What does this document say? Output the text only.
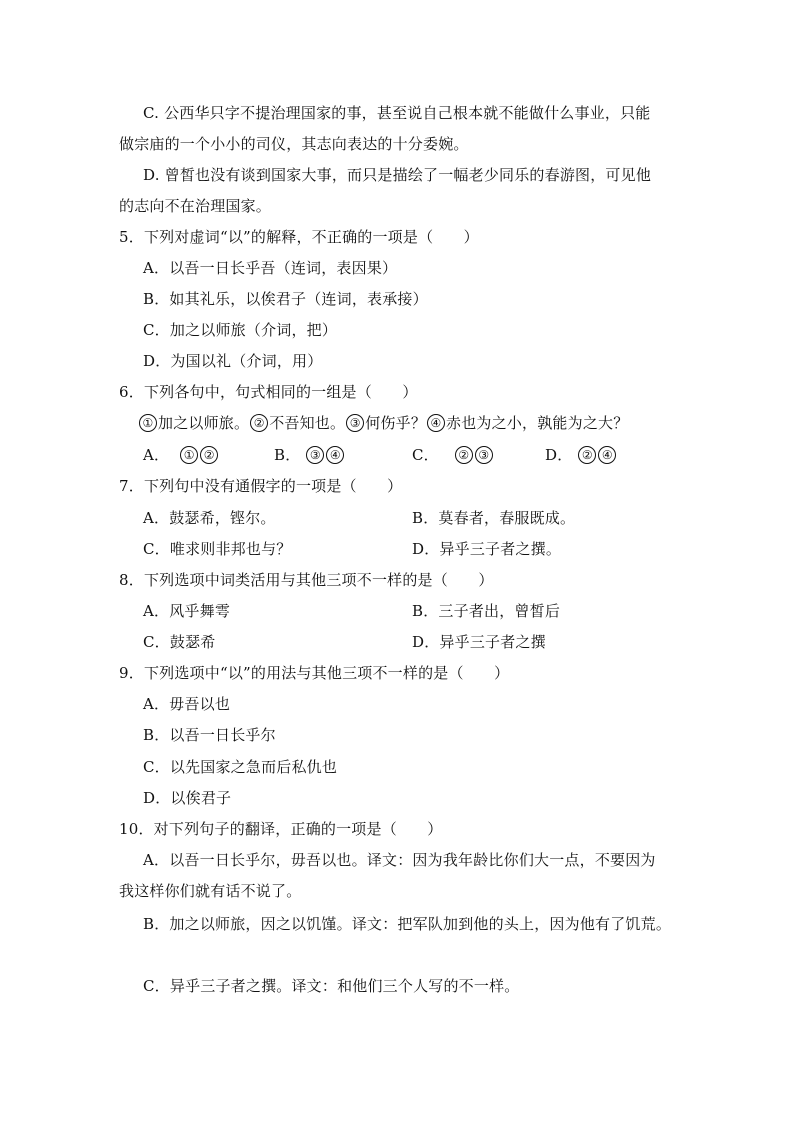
C. 公西华只字不提治理国家的事，甚至说自己根本就不能做什么事业，只能
做宗庙的一个小小的司仪，其志向表达的十分委婉。
D. 曾皙也没有谈到国家大事，而只是描绘了一幅老少同乐的春游图，可见他
的志向不在治理国家。
5．下列对虚词“以”的解释，不正确的一项是（　　）
A．以吾一日长乎吾（连词，表因果）
B．如其礼乐，以俟君子（连词，表承接）
C．加之以师旅（介词，把）
D．为国以礼（介词，用）
6．下列各句中，句式相同的一组是（　　）
① 加之以师旅。 ② 不吾知也。 ③ 何伤乎？ ④ 赤也为之小，孰能为之大？
A． ① ②	B． ③ ④	C． ② ③	D． ② ④
7．下列句中没有通假字的一项是（　　）
A．鼓瑟希，铿尔。	B．莫春者，春服既成。
C．唯求则非邦也与？	D．异乎三子者之撰。
8．下列选项中词类活用与其他三项不一样的是（　　）
A．风乎舞雩	B．三子者出，曾皙后
C．鼓瑟希	D．异乎三子者之撰
9．下列选项中“以”的用法与其他三项不一样的是（　　）
A．毋吾以也
B．以吾一日长乎尔
C．以先国家之急而后私仇也
D．以俟君子
10．对下列句子的翻译，正确的一项是（　　）
A．以吾一日长乎尔，毋吾以也。译文：因为我年龄比你们大一点，不要因为
我这样你们就有话不说了。
B．加之以师旅，因之以饥馑。译文：把军队加到他的头上，因为他有了饥荒。
C．异乎三子者之撰。译文：和他们三个人写的不一样。
